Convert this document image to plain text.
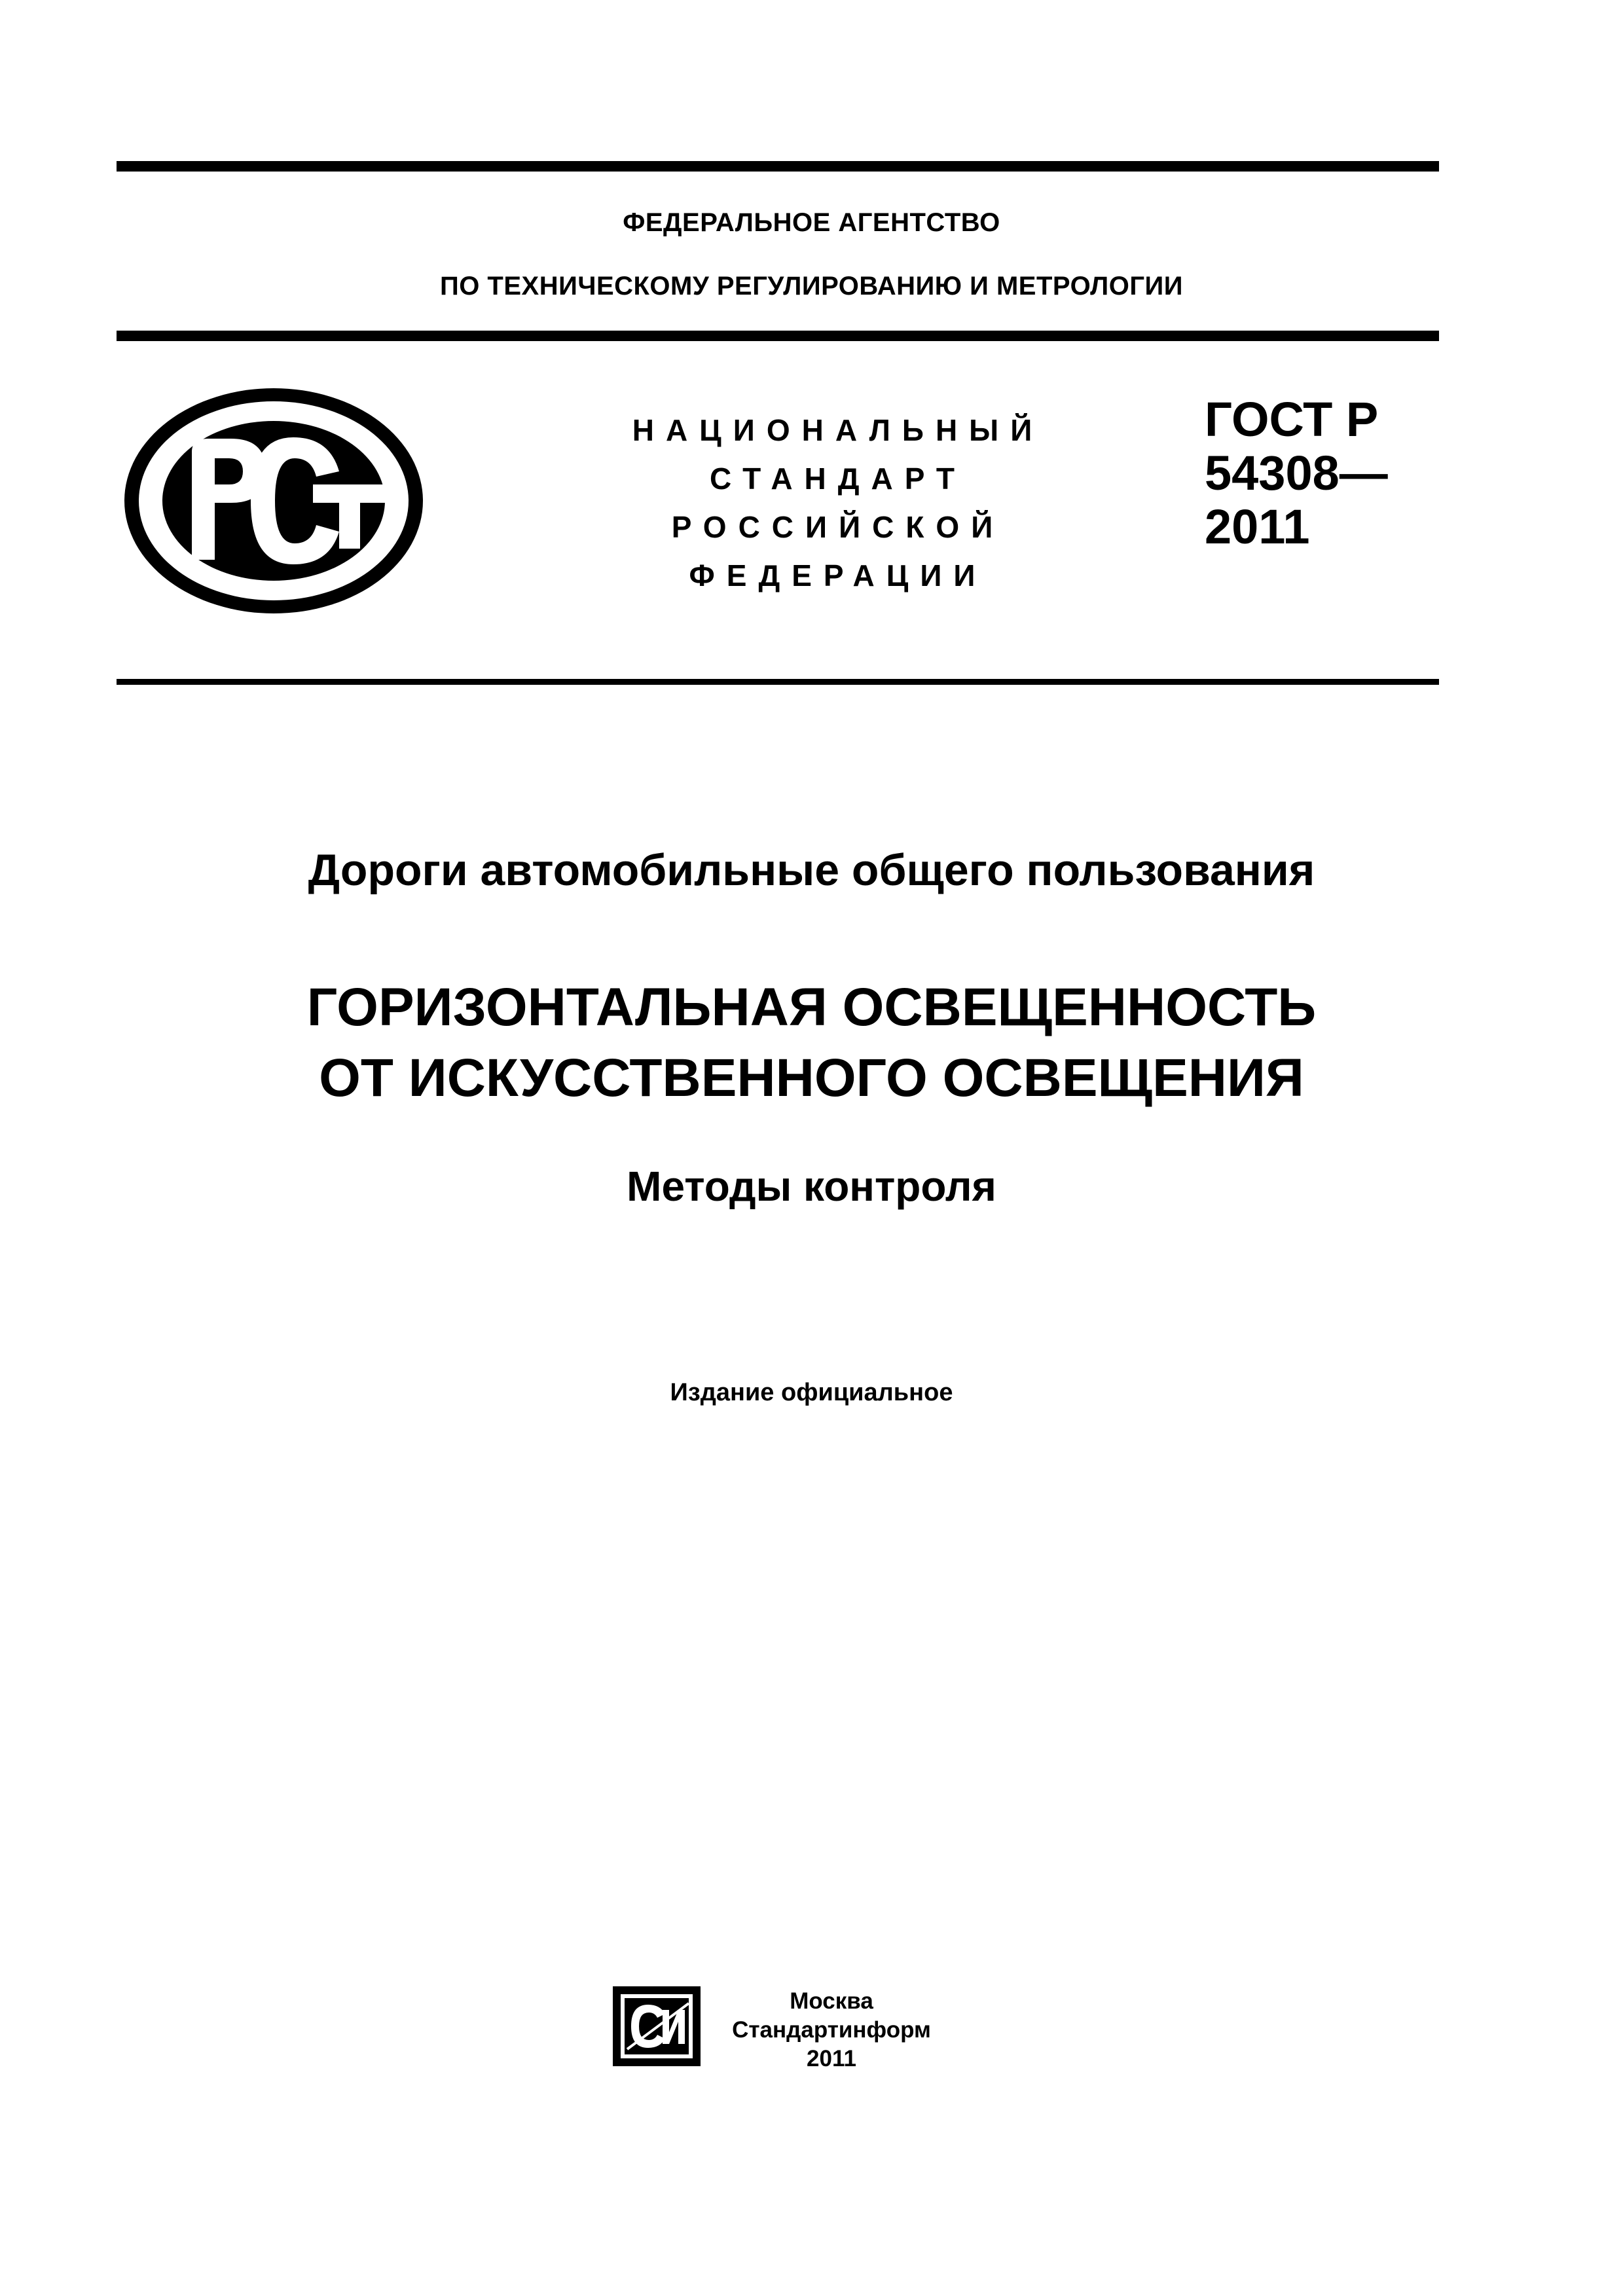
ФЕДЕРАЛЬНОЕ АГЕНТСТВО
ПО ТЕХНИЧЕСКОМУ РЕГУЛИРОВАНИЮ И МЕТРОЛОГИИ
РСТ
НАЦИОНАЛЬНЫЙ
СТАНДАРТ
РОССИЙСКОЙ
ФЕДЕРАЦИИ
ГОСТ Р
54308—
2011
Дороги автомобильные общего пользования
ГОРИЗОНТАЛЬНАЯ ОСВЕЩЕННОСТЬ
ОТ ИСКУССТВЕННОГО ОСВЕЩЕНИЯ
Методы контроля
Издание официальное
СИ
Москва
Стандартинформ
2011
